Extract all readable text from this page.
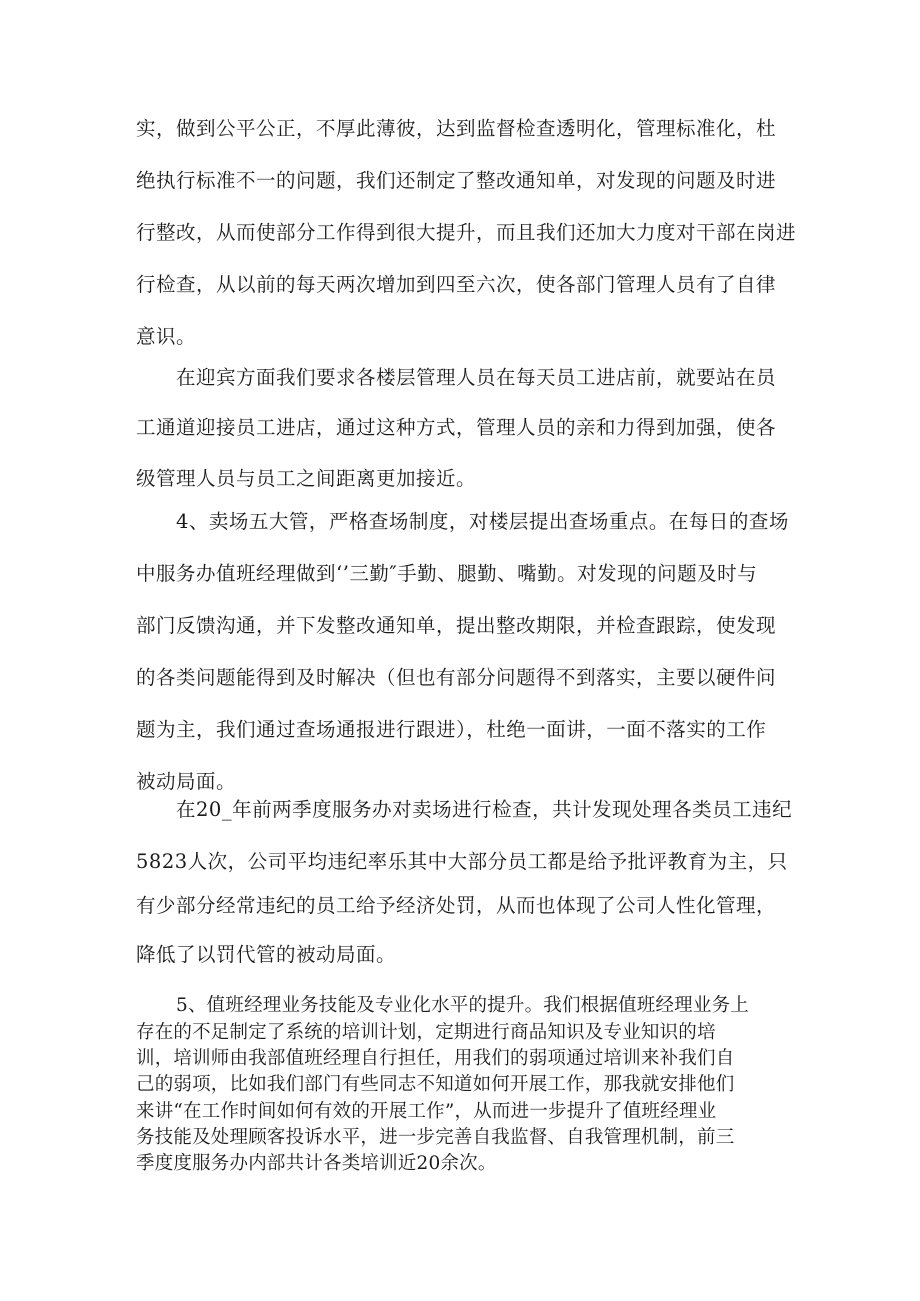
实，做到公平公正，不厚此薄彼，达到监督检查透明化，管理标准化，杜
绝执行标准不一的问题，我们还制定了整改通知单，对发现的问题及时进
行整改，从而使部分工作得到很大提升，而且我们还加大力度对干部在岗进
行检查，从以前的每天两次增加到四至六次，使各部门管理人员有了自律
意识。
在迎宾方面我们要求各楼层管理人员在每天员工进店前，就要站在员
工通道迎接员工进店，通过这种方式，管理人员的亲和力得到加强，使各
级管理人员与员工之间距离更加接近。
4、卖场五大管，严格查场制度，对楼层提出查场重点。在每日的查场
中服务办值班经理做到‘’三勤″手勤、腿勤、嘴勤。对发现的问题及时与
部门反馈沟通，并下发整改通知单，提出整改期限，并检查跟踪，使发现
的各类问题能得到及时解决（但也有部分问题得不到落实，主要以硬件问
题为主，我们通过查场通报进行跟进），杜绝一面讲，一面不落实的工作
被动局面。
在20_年前两季度服务办对卖场进行检查，共计发现处理各类员工违纪
5823人次，公司平均违纪率乐其中大部分员工都是给予批评教育为主，只
有少部分经常违纪的员工给予经济处罚，从而也体现了公司人性化管理，
降低了以罚代管的被动局面。
5、值班经理业务技能及专业化水平的提升。我们根据值班经理业务上
存在的不足制定了系统的培训计划，定期进行商品知识及专业知识的培
训，培训师由我部值班经理自行担任，用我们的弱项通过培训来补我们自
己的弱项，比如我们部门有些同志不知道如何开展工作，那我就安排他们
来讲“在工作时间如何有效的开展工作”，从而进一步提升了值班经理业
务技能及处理顾客投诉水平，进一步完善自我监督、自我管理机制，前三
季度度服务办内部共计各类培训近20余次。
